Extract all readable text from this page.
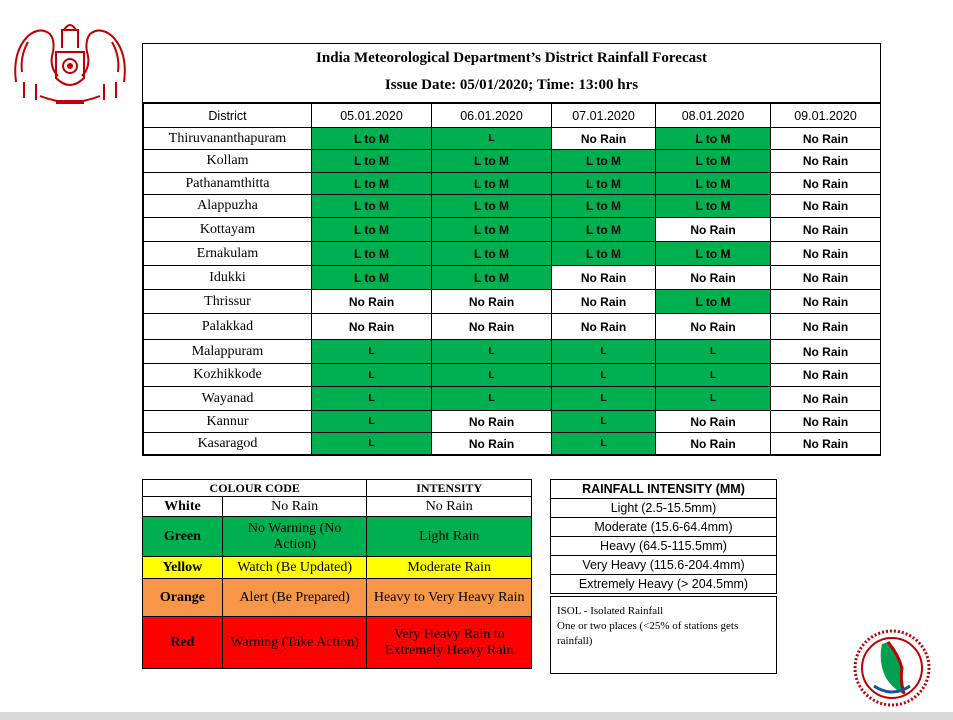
India Meteorological Department’s District Rainfall Forecast
Issue Date: 05/01/2020; Time: 13:00 hrs
District	05.01.2020	06.01.2020	07.01.2020	08.01.2020	09.01.2020
Thiruvananthapuram	L to M	L	No Rain	L to M	No Rain
Kollam	L to M	L to M	L to M	L to M	No Rain
Pathanamthitta	L to M	L to M	L to M	L to M	No Rain
Alappuzha	L to M	L to M	L to M	L to M	No Rain
Kottayam	L to M	L to M	L to M	No Rain	No Rain
Ernakulam	L to M	L to M	L to M	L to M	No Rain
Idukki	L to M	L to M	No Rain	No Rain	No Rain
Thrissur	No Rain	No Rain	No Rain	L to M	No Rain
Palakkad	No Rain	No Rain	No Rain	No Rain	No Rain
Malappuram	L	L	L	L	No Rain
Kozhikkode	L	L	L	L	No Rain
Wayanad	L	L	L	L	No Rain
Kannur	L	No Rain	L	No Rain	No Rain
Kasaragod	L	No Rain	L	No Rain	No Rain
COLOUR CODE		INTENSITY
White	No Rain	No Rain
Green	No Warning (No Action)	Light Rain
Yellow	Watch (Be Updated)	Moderate Rain
Orange	Alert (Be Prepared)	Heavy to Very Heavy Rain
Red	Warning (Take Action)	Very Heavy Rain to Extremely Heavy Rain
RAINFALL INTENSITY (MM)
Light (2.5-15.5mm)
Moderate (15.6-64.4mm)
Heavy (64.5-115.5mm)
Very Heavy (115.6-204.4mm)
Extremely Heavy (> 204.5mm)
ISOL - Isolated Rainfall
One or two places (<25% of stations gets rainfall)
